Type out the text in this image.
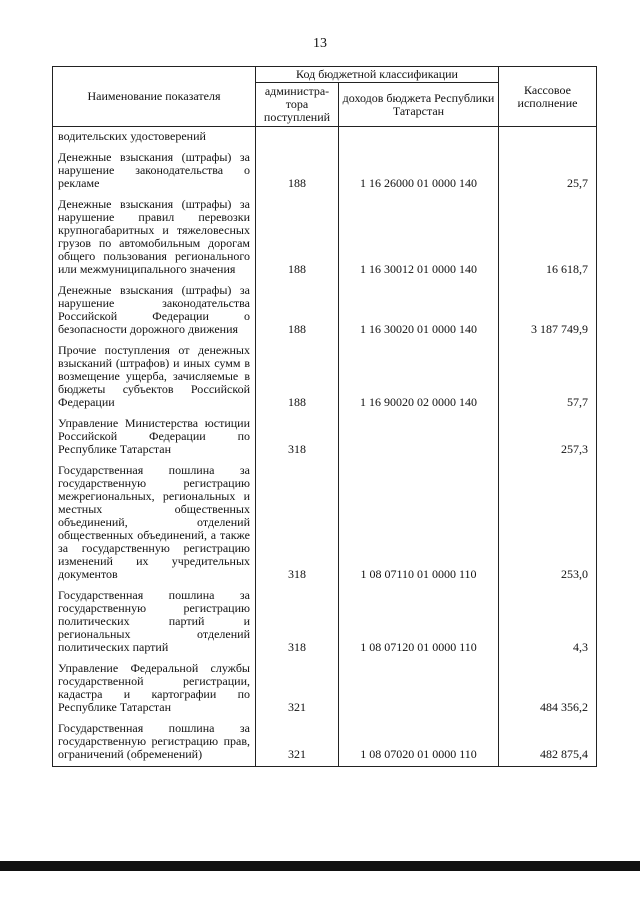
13
Наименование показателя	Код бюджетной классификации		Кассовое исполнение
	администра-тора поступлений	доходов бюджета Республики Татарстан	
водительских удостоверений			
Денежные взыскания (штрафы) за нарушение законодательства о рекламе	188	1 16 26000 01 0000 140	25,7
Денежные взыскания (штрафы) за нарушение правил перевозки крупногабаритных и тяжеловесных грузов по автомобильным дорогам общего пользования регионального или межмуниципального значения	188	1 16 30012 01 0000 140	16 618,7
Денежные взыскания (штрафы) за нарушение законодательства Российской Федерации о безопасности дорожного движения	188	1 16 30020 01 0000 140	3 187 749,9
Прочие поступления от денежных взысканий (штрафов) и иных сумм в возмещение ущерба, зачисляемые в бюджеты субъектов Российской Федерации	188	1 16 90020 02 0000 140	57,7
Управление Министерства юстиции Российской Федерации по Республике Татарстан	318		257,3
Государственная пошлина за государственную регистрацию межрегиональных, региональных и местных общественных объединений, отделений общественных объединений, а также за государственную регистрацию изменений их учредительных документов	318	1 08 07110 01 0000 110	253,0
Государственная пошлина за государственную регистрацию политических партий и региональных отделений политических партий	318	1 08 07120 01 0000 110	4,3
Управление Федеральной службы государственной регистрации, кадастра и картографии по Республике Татарстан	321		484 356,2
Государственная пошлина за государственную регистрацию прав, ограничений (обременений)	321	1 08 07020 01 0000 110	482 875,4
